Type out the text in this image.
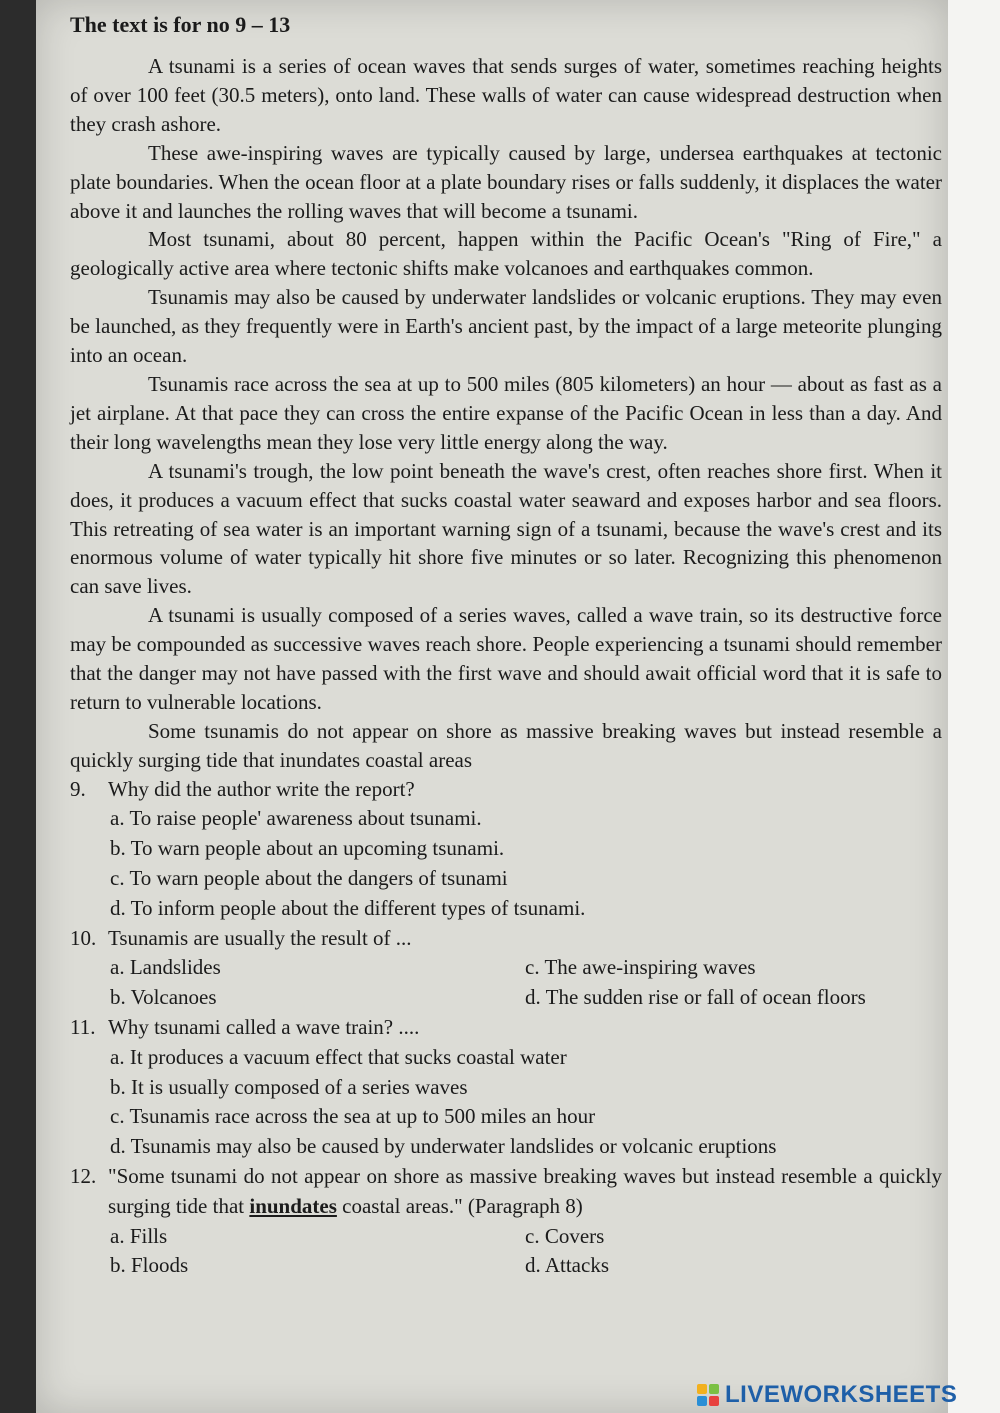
The text is for no 9 – 13

A tsunami is a series of ocean waves that sends surges of water, sometimes reaching heights of over 100 feet (30.5 meters), onto land. These walls of water can cause widespread destruction when they crash ashore.

These awe-inspiring waves are typically caused by large, undersea earthquakes at tectonic plate boundaries. When the ocean floor at a plate boundary rises or falls suddenly, it displaces the water above it and launches the rolling waves that will become a tsunami.

Most tsunami, about 80 percent, happen within the Pacific Ocean's "Ring of Fire," a geologically active area where tectonic shifts make volcanoes and earthquakes common.

Tsunamis may also be caused by underwater landslides or volcanic eruptions. They may even be launched, as they frequently were in Earth's ancient past, by the impact of a large meteorite plunging into an ocean.

Tsunamis race across the sea at up to 500 miles (805 kilometers) an hour — about as fast as a jet airplane. At that pace they can cross the entire expanse of the Pacific Ocean in less than a day. And their long wavelengths mean they lose very little energy along the way.

A tsunami's trough, the low point beneath the wave's crest, often reaches shore first. When it does, it produces a vacuum effect that sucks coastal water seaward and exposes harbor and sea floors. This retreating of sea water is an important warning sign of a tsunami, because the wave's crest and its enormous volume of water typically hit shore five minutes or so later. Recognizing this phenomenon can save lives.

A tsunami is usually composed of a series waves, called a wave train, so its destructive force may be compounded as successive waves reach shore. People experiencing a tsunami should remember that the danger may not have passed with the first wave and should await official word that it is safe to return to vulnerable locations.

Some tsunamis do not appear on shore as massive breaking waves but instead resemble a quickly surging tide that inundates coastal areas

9.	Why did the author write the report?
a. To raise people' awareness about tsunami.
b. To warn people about an upcoming tsunami.
c. To warn people about the dangers of tsunami
d. To inform people about the different types of tsunami.
10. Tsunamis are usually the result of ...
a. Landslides	c. The awe-inspiring waves
b. Volcanoes	d. The sudden rise or fall of ocean floors
11. Why tsunami called a wave train? ....
a. It produces a vacuum effect that sucks coastal water
b. It is usually composed of a series waves
c. Tsunamis race across the sea at up to 500 miles an hour
d. Tsunamis may also be caused by underwater landslides or volcanic eruptions
12. "Some tsunami do not appear on shore as massive breaking waves but instead resemble a quickly surging tide that inundates coastal areas." (Paragraph 8)
a. Fills	c. Covers
b. Floods	d. Attacks
LIVEWORKSHEETS
